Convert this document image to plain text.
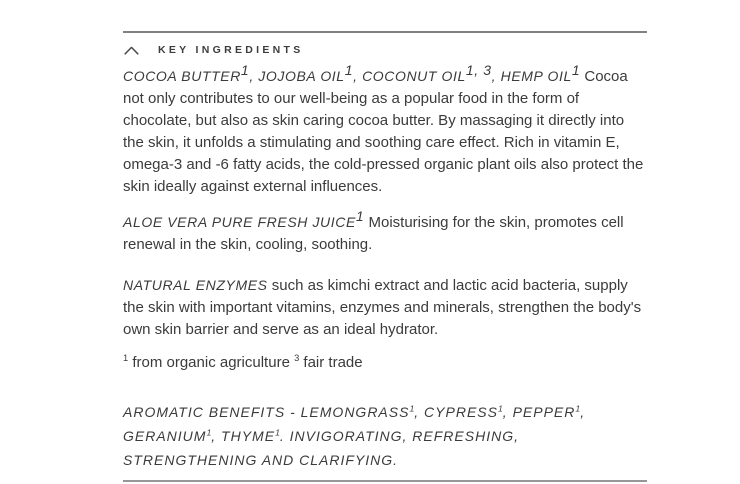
KEY INGREDIENTS

COCOA BUTTER$^1$, JOJOBA OIL$^1$, COCONUT OIL$^{1, 3}$, HEMP OIL$^1$ Cocoa not only contributes to our well-being as a popular food in the form of chocolate, but also as skin caring cocoa butter. By massaging it directly into the skin, it unfolds a stimulating and soothing care effect. Rich in vitamin E, omega-3 and -6 fatty acids, the cold-pressed organic plant oils also protect the skin ideally against external influences.

ALOE VERA PURE FRESH JUICE$^1$ Moisturising for the skin, promotes cell renewal in the skin, cooling, soothing.

NATURAL ENZYMES such as kimchi extract and lactic acid bacteria, supply the skin with important vitamins, enzymes and minerals, strengthen the body's own skin barrier and serve as an ideal hydrator.

$^1$ from organic agriculture $^3$ fair trade

AROMATIC BENEFITS - LEMONGRASS$^1$, CYPRESS$^1$, PEPPER$^1$, GERANIUM$^1$, THYME$^1$. INVIGORATING, REFRESHING, STRENGTHENING AND CLARIFYING.
